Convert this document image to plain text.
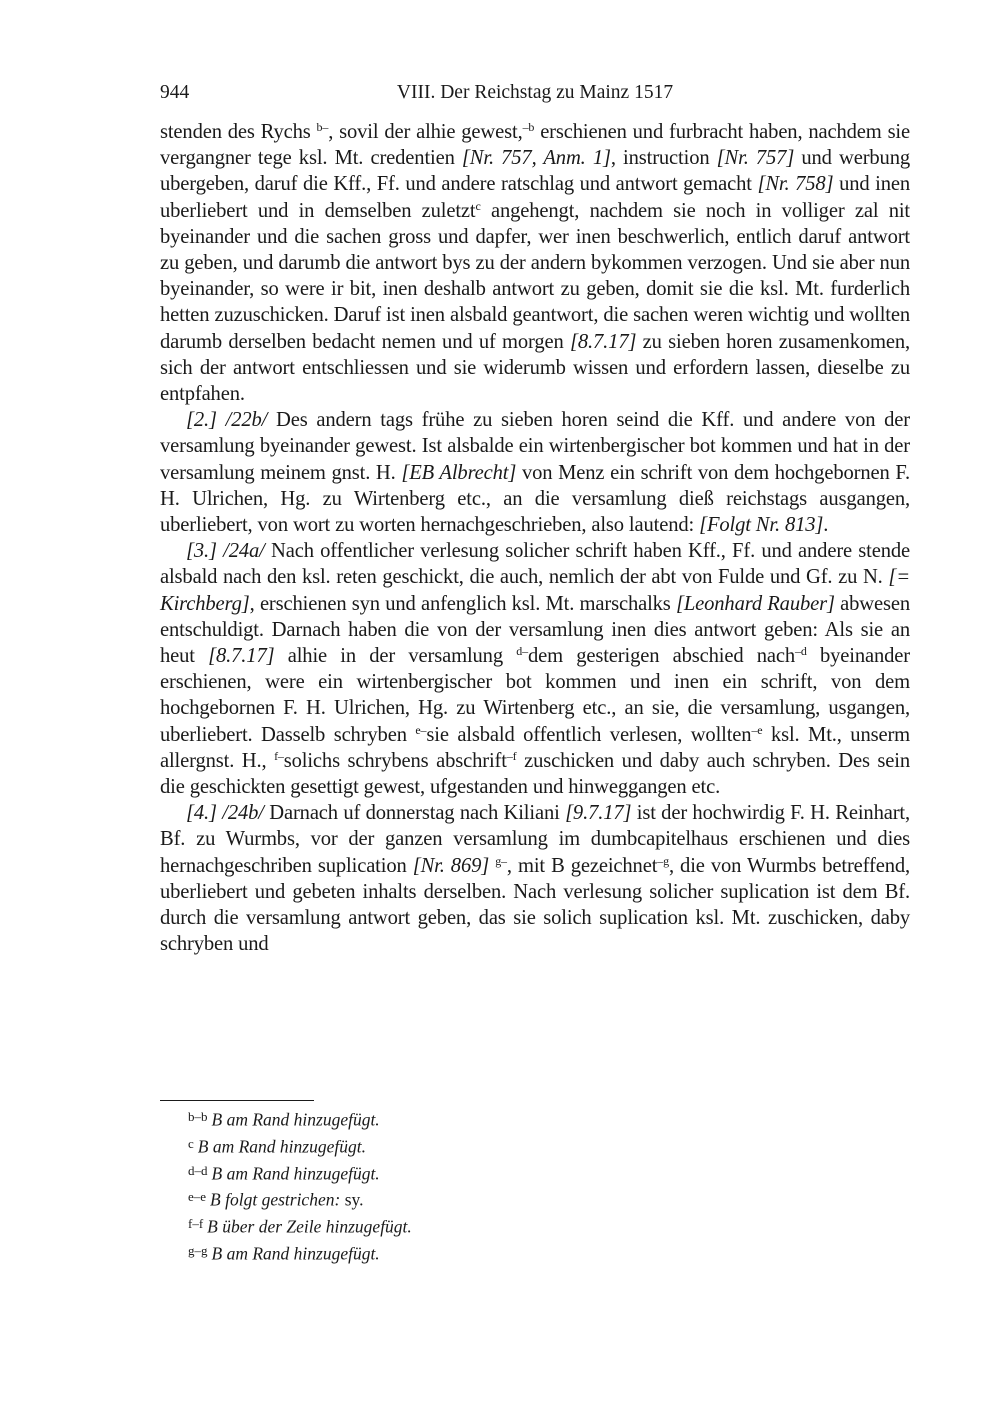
944	VIII. Der Reichstag zu Mainz 1517

stenden des Rychs $^{b-}$, sovil der alhie gewest,$^{-b}$ erschienen und furbracht haben, nachdem sie vergangner tege ksl. Mt. credentien [Nr. 757, Anm. 1], instruction [Nr. 757] und werbung ubergeben, daruf die Kff., Ff. und andere ratschlag und antwort gemacht [Nr. 758] und inen uberliebert und in demselben zuletzt$^c$ angehengt, nachdem sie noch in volliger zal nit byeinander und die sachen gross und dapfer, wer inen beschwerlich, entlich daruf antwort zu geben, und darumb die antwort bys zu der andern bykommen verzogen. Und sie aber nun byeinander, so were ir bit, inen deshalb antwort zu geben, domit sie die ksl. Mt. furderlich hetten zuzuschicken. Daruf ist inen alsbald geantwort, die sachen weren wichtig und wollten darumb derselben bedacht nemen und uf morgen [8.7.17] zu sieben horen zusamenkomen, sich der antwort entschliessen und sie widerumb wissen und erfordern lassen, dieselbe zu entpfahen.

[2.] /22b/ Des andern tags frühe zu sieben horen seind die Kff. und andere von der versamlung byeinander gewest. Ist alsbalde ein wirtenbergischer bot kommen und hat in der versamlung meinem gnst. H. [EB Albrecht] von Menz ein schrift von dem hochgebornen F. H. Ulrichen, Hg. zu Wirtenberg etc., an die versamlung dieß reichstags ausgangen, uberliebert, von wort zu worten hernachgeschrieben, also lautend: [Folgt Nr. 813].

[3.] /24a/ Nach offentlicher verlesung solicher schrift haben Kff., Ff. und andere stende alsbald nach den ksl. reten geschickt, die auch, nemlich der abt von Fulde und Gf. zu N. [= Kirchberg], erschienen syn und anfenglich ksl. Mt. marschalks [Leonhard Rauber] abwesen entschuldigt. Darnach haben die von der versamlung inen dies antwort geben: Als sie an heut [8.7.17] alhie in der versamlung $^{d-}$dem gesterigen abschied nach$^{-d}$ byeinander erschienen, were ein wirtenbergischer bot kommen und inen ein schrift, von dem hochgebornen F. H. Ulrichen, Hg. zu Wirtenberg etc., an sie, die versamlung, usgangen, uberliebert. Dasselb schryben $^{e-}$sie alsbald offentlich verlesen, wollten$^{-e}$ ksl. Mt., unserm allergnst. H., $^{f-}$solichs schrybens abschrift$^{-f}$ zuschicken und daby auch schryben. Des sein die geschickten gesettigt gewest, ufgestanden und hinweggangen etc.

[4.] /24b/ Darnach uf donnerstag nach Kiliani [9.7.17] ist der hochwirdig F. H. Reinhart, Bf. zu Wurmbs, vor der ganzen versamlung im dumbcapitelhaus erschienen und dies hernachgeschriben suplication [Nr. 869] $^{g-}$, mit B gezeichnet$^{-g}$, die von Wurmbs betreffend, uberliebert und gebeten inhalts derselben. Nach verlesung solicher suplication ist dem Bf. durch die versamlung antwort geben, das sie solich suplication ksl. Mt. zuschicken, daby schryben und

$^{b-b}$ B am Rand hinzugefügt.
$^c$ B am Rand hinzugefügt.
$^{d-d}$ B am Rand hinzugefügt.
$^{e-e}$ B folgt gestrichen: sy.
$^{f-f}$ B über der Zeile hinzugefügt.
$^{g-g}$ B am Rand hinzugefügt.
